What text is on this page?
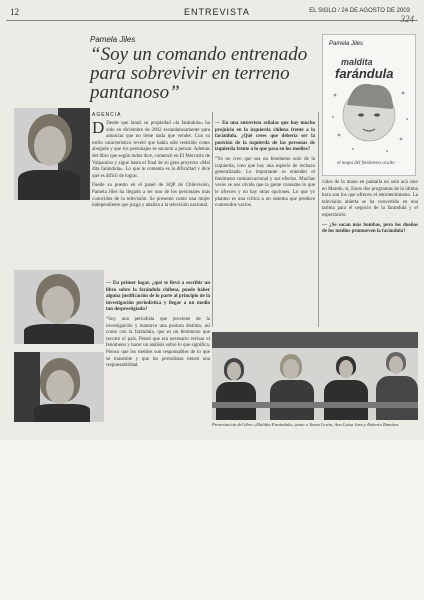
12	ENTREVISTA	EL SIGLO / 24 DE AGOSTO DE 2003
324
Pamela Jiles
“Soy un comando entrenado para sobrevivir en terreno pantanoso”
Pamela Jiles
maldita
farándula
el mapa del fenómeno oculto
AGENCIA
D Desde que lanzó su propiedad «la farándula» ha sido en diciembre de 2002 escandalosamente para anunciar que no tiene nada que vender. Con su estilo característico reveló que había sido resistido como abogada y que los personajes se sacaron a pensar. Además del libro que según todos dice, comenzó en El Mercurio de Valparaíso y sigue hasta el final de su gran proyecto «Mal dita farándula». Lo que le comenta es la dificultad y dice que es difícil de lograr.
Desde su puesto en el panel de SQP de Chilevisión, Pamela Jiles ha llegado a ser uno de los personajes más conocidos de la televisión. Se presentó como una mujer independiente que juzga y analiza a la televisión nacional.
— En primer lugar, ¿qué te llevó a escribir un libro sobre la farándula chilena, puede haber alguna justificación de lo parte al principio de la investigación periodística y llegar a un medio tan desprestigiado?
“Soy una periodista que proviene de la investigación y mantuvo una postura distinta; así como con la farándula, que es un fenómeno que recorre el país. Pensé que era necesario revisar el fenómeno y hacer un análisis sobre lo que significa. Pienso que los medios son responsables de lo que se transmite y que los periodistas tienen una responsabilidad.
— En una entrevista señalas que hay mucho prejuicio en la izquierda chilena frente a la farándula. ¿Qué crees que debería ser la posición de la izquierda de las personas de izquierda frente a lo que pasa en los medios?
“Yo no creo que sea un fenómeno solo de la izquierda; creo que hay una especie de rechazo generalizado. Lo importante es entender el fenómeno comunicacional y sus efectos. Muchas veces se nos olvida que la gente consume lo que le ofrecen y no hay otras opciones. Lo que yo planteo es una crítica a un sistema que produce contenidos vacíos.
cidos de la mano en pantalla no solo acá sino en Mundo, sí, Estos dos programas de la última hora son los que ofrecen el entretenimiento. La televisión abierta se ha convertido en una tarima para el negocio de la farándula y el espectáculo.
— ¿Se sacan más bombas, pero los dueños de los medios promueven la farándula?
Presentación del libro «Maldita Farándula» junto a Yasna Lewin, Ana Luisa Jara y Roberto Ramírez.
